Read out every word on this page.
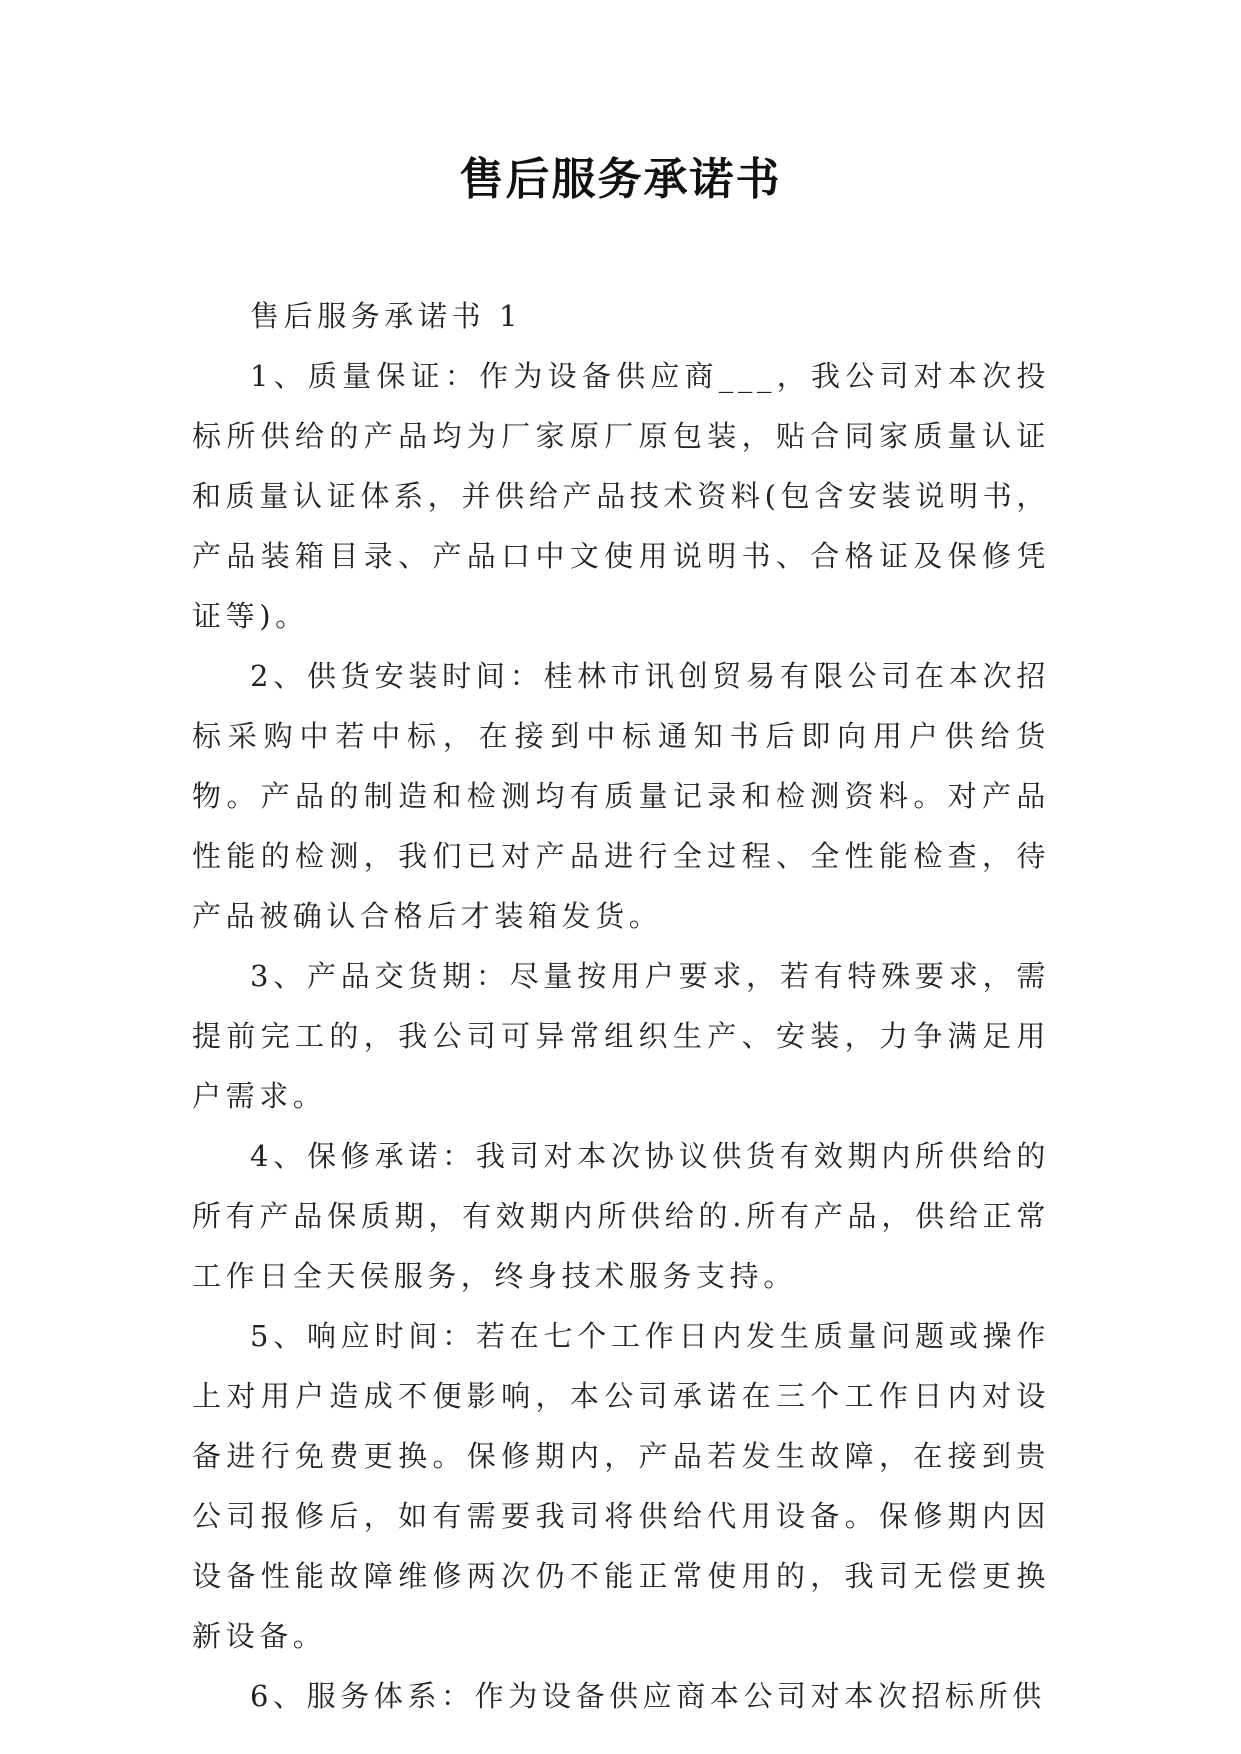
售后服务承诺书

售后服务承诺书 1

1、质量保证：作为设备供应商___，我公司对本次投标所供给的产品均为厂家原厂原包装，贴合同家质量认证和质量认证体系，并供给产品技术资料(包含安装说明书，产品装箱目录、产品口中文使用说明书、合格证及保修凭证等)。

2、供货安装时间：桂林市讯创贸易有限公司在本次招标采购中若中标，在接到中标通知书后即向用户供给货物。产品的制造和检测均有质量记录和检测资料。对产品性能的检测，我们已对产品进行全过程、全性能检查，待产品被确认合格后才装箱发货。

3、产品交货期：尽量按用户要求，若有特殊要求，需提前完工的，我公司可异常组织生产、安装，力争满足用户需求。

4、保修承诺：我司对本次协议供货有效期内所供给的所有产品保质期，有效期内所供给的.所有产品，供给正常工作日全天侯服务，终身技术服务支持。

5、响应时间：若在七个工作日内发生质量问题或操作上对用户造成不便影响，本公司承诺在三个工作日内对设备进行免费更换。保修期内，产品若发生故障，在接到贵公司报修后，如有需要我司将供给代用设备。保修期内因设备性能故障维修两次仍不能正常使用的，我司无偿更换新设备。

6、服务体系：作为设备供应商本公司对本次招标所供
